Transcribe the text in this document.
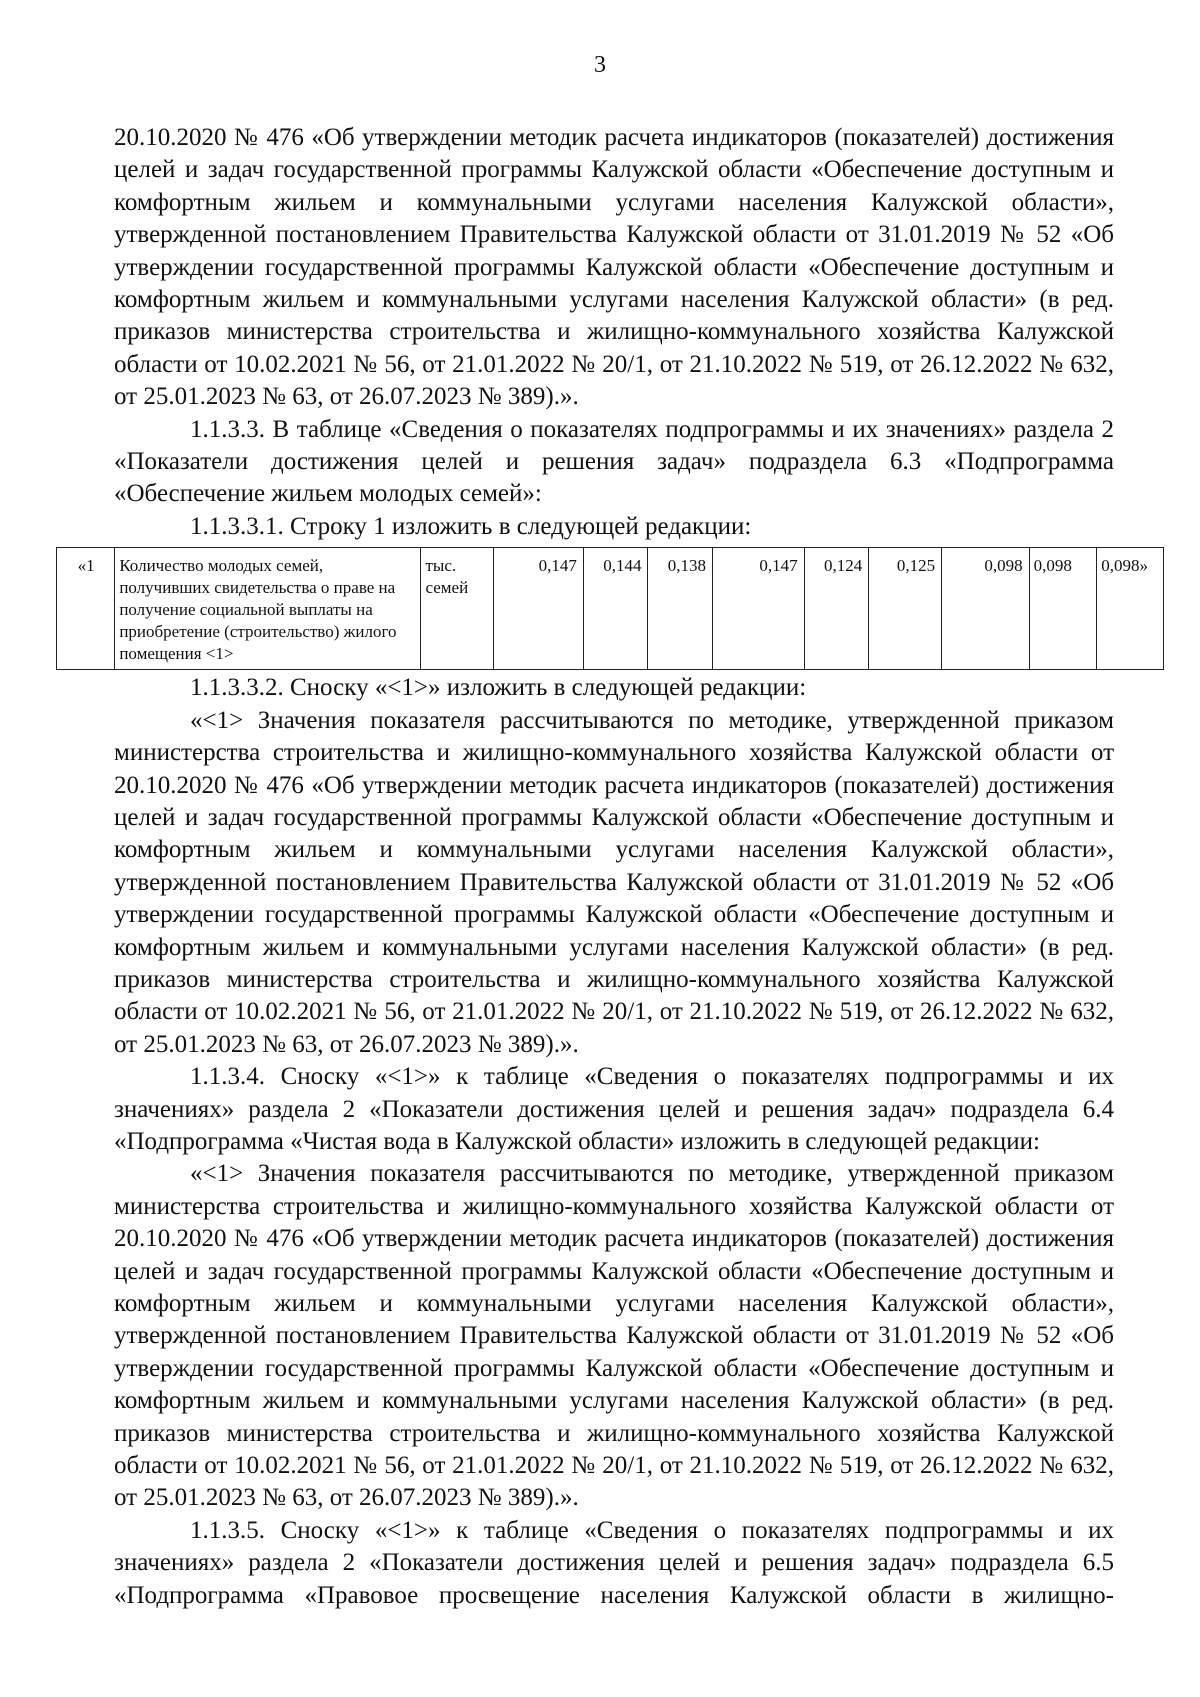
3

20.10.2020 № 476 «Об утверждении методик расчета индикаторов (показателей) достижения целей и задач государственной программы Калужской области «Обеспечение доступным и комфортным жильем и коммунальными услугами населения Калужской области», утвержденной постановлением Правительства Калужской области от 31.01.2019 № 52 «Об утверждении государственной программы Калужской области «Обеспечение доступным и комфортным жильем и коммунальными услугами населения Калужской области» (в ред. приказов министерства строительства и жилищно-коммунального хозяйства Калужской области от 10.02.2021 № 56, от 21.01.2022 № 20/1, от 21.10.2022 № 519, от 26.12.2022 № 632, от 25.01.2023 № 63, от 26.07.2023 № 389).».

1.1.3.3. В таблице «Сведения о показателях подпрограммы и их значениях» раздела 2 «Показатели достижения целей и решения задач» подраздела 6.3 «Подпрограмма «Обеспечение жильем молодых семей»:

1.1.3.3.1. Строку 1 изложить в следующей редакции:

«1	Количество молодых семей, получивших свидетельства о праве на получение социальной выплаты на приобретение (строительство) жилого помещения <1>	тыс. семей	0,147	0,144	0,138	0,147	0,124	0,125	0,098	0,098	0,098»

1.1.3.3.2. Сноску «<1>» изложить в следующей редакции:

«<1> Значения показателя рассчитываются по методике, утвержденной приказом министерства строительства и жилищно-коммунального хозяйства Калужской области от 20.10.2020 № 476 «Об утверждении методик расчета индикаторов (показателей) достижения целей и задач государственной программы Калужской области «Обеспечение доступным и комфортным жильем и коммунальными услугами населения Калужской области», утвержденной постановлением Правительства Калужской области от 31.01.2019 № 52 «Об утверждении государственной программы Калужской области «Обеспечение доступным и комфортным жильем и коммунальными услугами населения Калужской области» (в ред. приказов министерства строительства и жилищно-коммунального хозяйства Калужской области от 10.02.2021 № 56, от 21.01.2022 № 20/1, от 21.10.2022 № 519, от 26.12.2022 № 632, от 25.01.2023 № 63, от 26.07.2023 № 389).».

1.1.3.4. Сноску «<1>» к таблице «Сведения о показателях подпрограммы и их значениях» раздела 2 «Показатели достижения целей и решения задач» подраздела 6.4 «Подпрограмма «Чистая вода в Калужской области» изложить в следующей редакции:

«<1> Значения показателя рассчитываются по методике, утвержденной приказом министерства строительства и жилищно-коммунального хозяйства Калужской области от 20.10.2020 № 476 «Об утверждении методик расчета индикаторов (показателей) достижения целей и задач государственной программы Калужской области «Обеспечение доступным и комфортным жильем и коммунальными услугами населения Калужской области», утвержденной постановлением Правительства Калужской области от 31.01.2019 № 52 «Об утверждении государственной программы Калужской области «Обеспечение доступным и комфортным жильем и коммунальными услугами населения Калужской области» (в ред. приказов министерства строительства и жилищно-коммунального хозяйства Калужской области от 10.02.2021 № 56, от 21.01.2022 № 20/1, от 21.10.2022 № 519, от 26.12.2022 № 632, от 25.01.2023 № 63, от 26.07.2023 № 389).».

1.1.3.5. Сноску «<1>» к таблице «Сведения о показателях подпрограммы и их значениях» раздела 2 «Показатели достижения целей и решения задач» подраздела 6.5 «Подпрограмма «Правовое просвещение населения Калужской области в жилищно-
